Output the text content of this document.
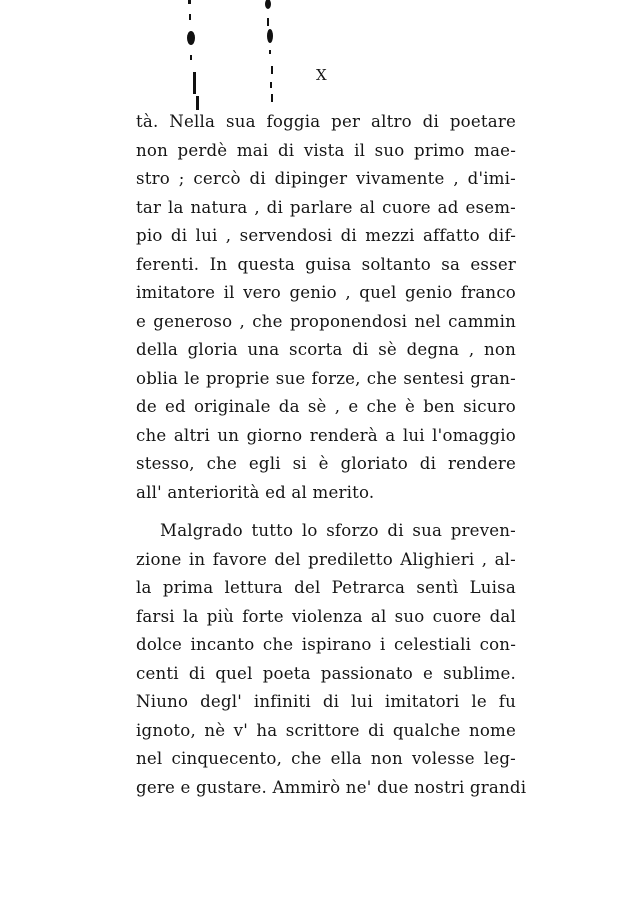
X
tà. Nella sua foggia per altro di poetare
non perdè mai di vista il suo primo mae-
stro ; cercò di dipinger vivamente , d'imi-
tar la natura , di parlare al cuore ad esem-
pio di lui , servendosi di mezzi affatto dif-
ferenti. In questa guisa soltanto sa esser
imitatore il vero genio , quel genio franco
e generoso , che proponendosi nel cammin
della gloria una scorta di sè degna , non
oblia le proprie sue forze, che sentesi gran-
de ed originale da sè , e che è ben sicuro
che altri un giorno renderà a lui l'omaggio
stesso, che egli si è gloriato di rendere
all' anteriorità ed al merito.
Malgrado tutto lo sforzo di sua preven-
zione in favore del prediletto Alighieri , al-
la prima lettura del Petrarca sentì Luisa
farsi la più forte violenza al suo cuore dal
dolce incanto che ispirano i celestiali con-
centi di quel poeta passionato e sublime.
Niuno degl' infiniti di lui imitatori le fu
ignoto, nè v' ha scrittore di qualche nome
nel cinquecento, che ella non volesse leg-
gere e gustare. Ammirò ne' due nostri grandi
